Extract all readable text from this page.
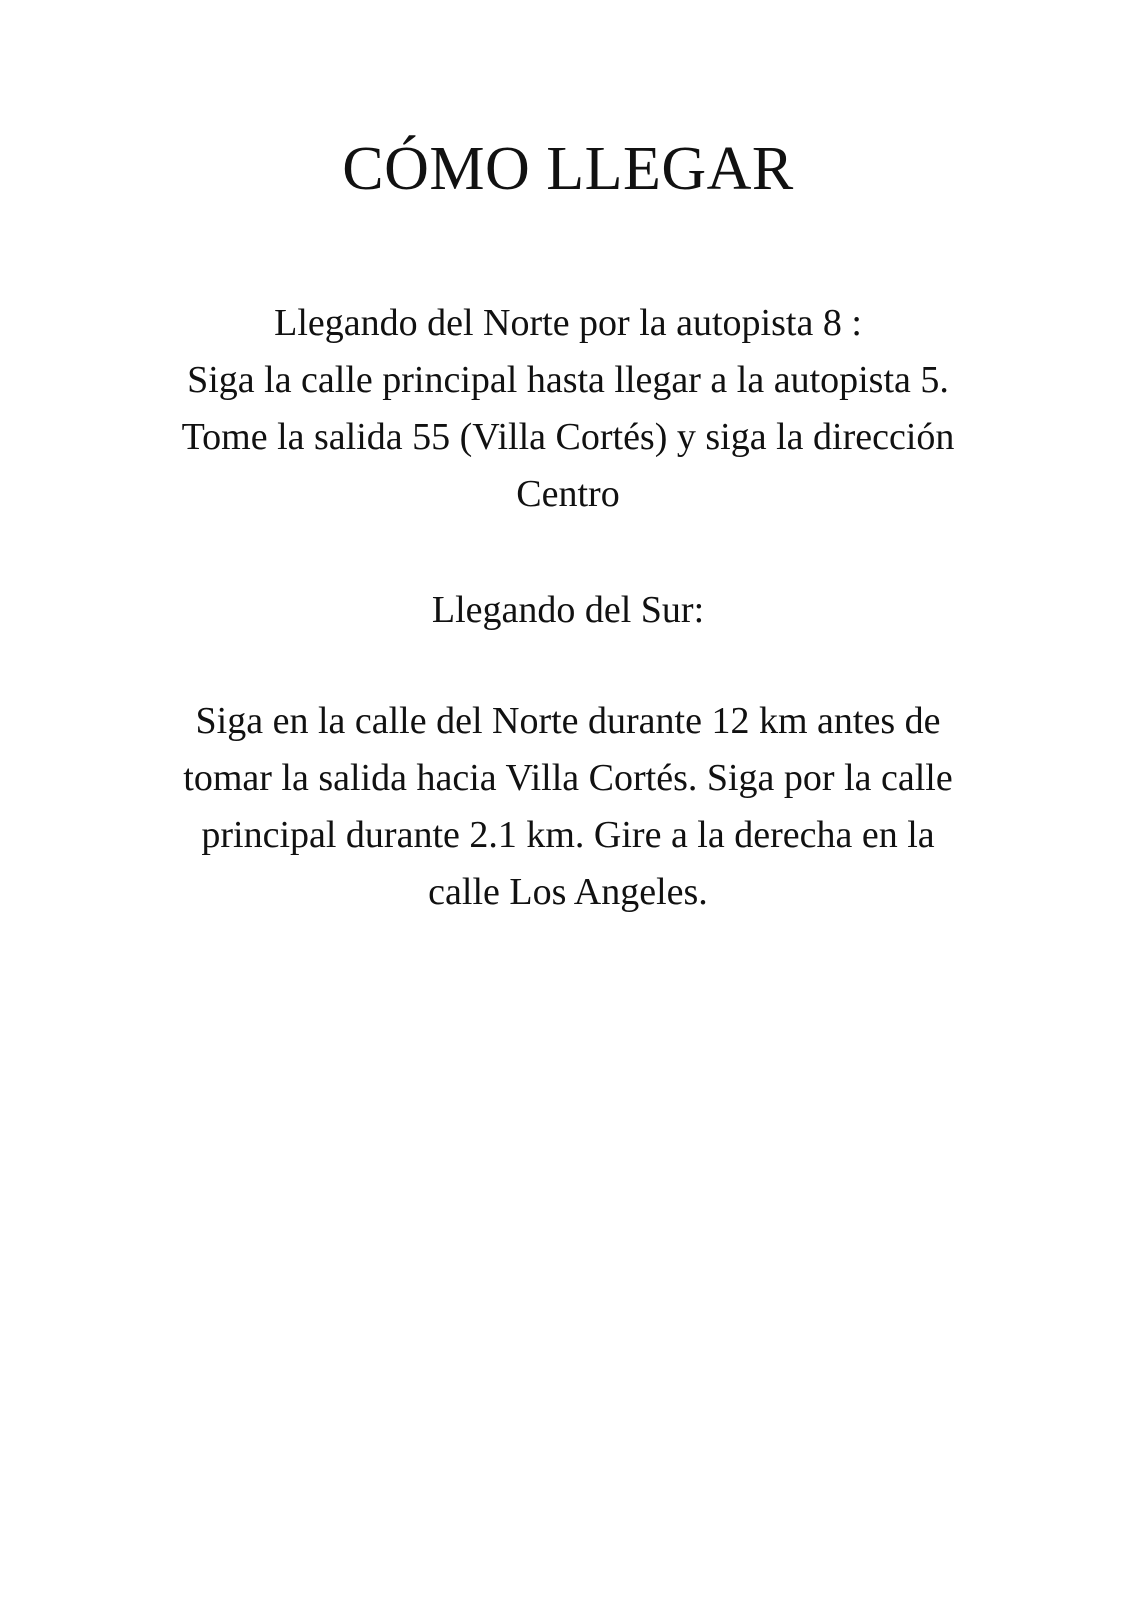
CÓMO LLEGAR

Llegando del Norte por la autopista 8 :

Siga la calle principal hasta llegar a la autopista 5.

Tome la salida 55 (Villa Cortés) y siga la dirección

Centro

Llegando del Sur:

Siga en la calle del Norte durante 12 km antes de

tomar la salida hacia Villa Cortés. Siga por la calle

principal durante 2.1 km. Gire a la derecha en la

calle Los Angeles.
